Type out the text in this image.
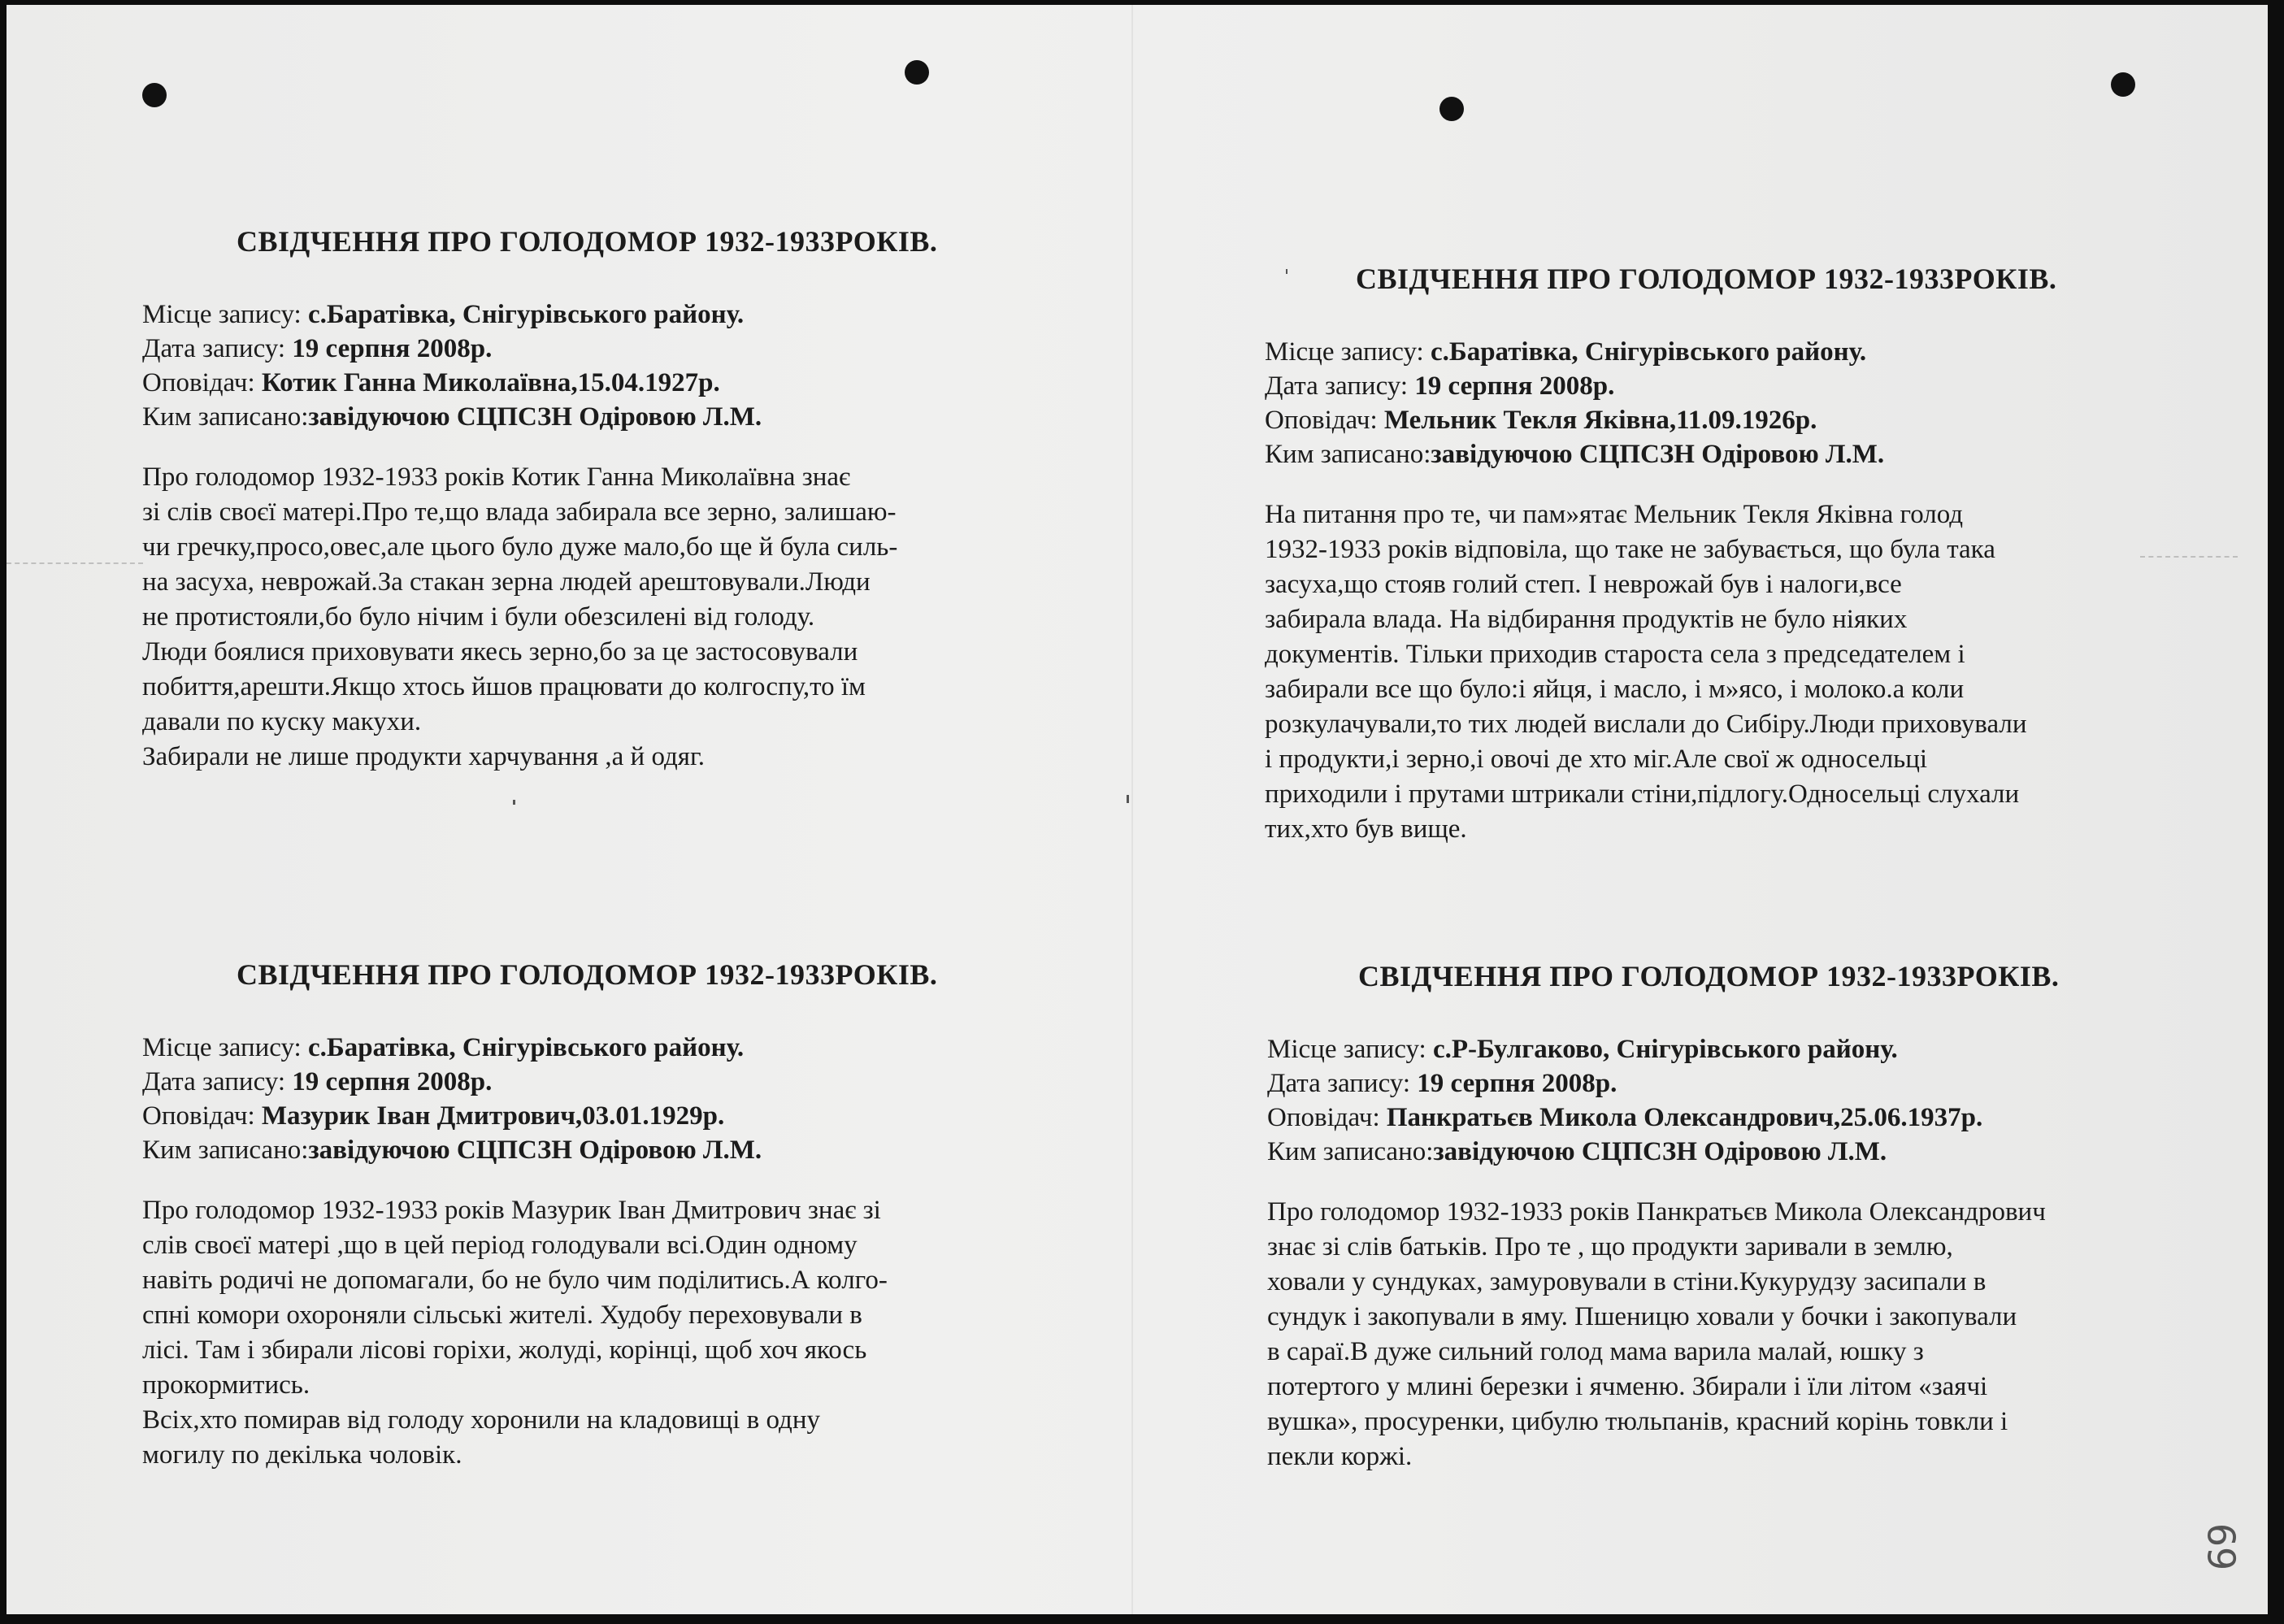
СВІДЧЕННЯ ПРО ГОЛОДОМОР 1932-1933РОКІВ.
Місце запису: с.Баратівка, Снігурівського району.
Дата запису: 19 серпня 2008р.
Оповідач: Котик Ганна Миколаївна,15.04.1927р.
Ким записано:завідуючою СЦПСЗН Одіровою Л.М.

Про голодомор 1932-1933 років Котик Ганна Миколаївна знає
зі слів своєї матері.Про те,що влада забирала все зерно, залишаю-
чи гречку,просо,овес,але цього було дуже мало,бо ще й була силь-
на засуха, неврожай.За стакан зерна людей арештовували.Люди
не протистояли,бо було нічим і були обезсилені від голоду.
Люди боялися приховувати якесь зерно,бо за це застосовували
побиття,арешти.Якщо хтось йшов працювати до колгоспу,то їм
давали по куску макухи.
Забирали не лише продукти харчування ,а й одяг.

СВІДЧЕННЯ ПРО ГОЛОДОМОР 1932-1933РОКІВ.
Місце запису: с.Баратівка, Снігурівського району.
Дата запису: 19 серпня 2008р.
Оповідач: Мельник Текля Яківна,11.09.1926р.
Ким записано:завідуючою СЦПСЗН Одіровою Л.М.

На питання про те, чи пам»ятає Мельник Текля Яківна голод
1932-1933 років відповіла, що таке не забувається, що була така
засуха,що стояв голий степ. І неврожай був і налоги,все
забирала влада. На відбирання продуктів не було ніяких
документів. Тільки приходив староста села з председателем і
забирали все що було:і яйця, і масло, і м»ясо, і молоко.а коли
розкулачували,то тих людей вислали до Сибіру.Люди приховували
і продукти,і зерно,і овочі де хто міг.Але свої ж односельці
приходили і прутами штрикали стіни,підлогу.Односельці слухали
тих,хто був вище.

СВІДЧЕННЯ ПРО ГОЛОДОМОР 1932-1933РОКІВ.
Місце запису: с.Баратівка, Снігурівського району.
Дата запису: 19 серпня 2008р.
Оповідач: Мазурик Іван Дмитрович,03.01.1929р.
Ким записано:завідуючою СЦПСЗН Одіровою Л.М.

Про голодомор 1932-1933 років Мазурик Іван Дмитрович знає зі
слів своєї матері ,що в цей період голодували всі.Один одному
навіть родичі не допомагали, бо не було чим поділитись.А колго-
спні комори охороняли сільські жителі. Худобу переховували в
лісі. Там і збирали лісові горіхи, жолуді, корінці, щоб хоч якось
прокормитись.
Всіх,хто помирав від голоду хоронили на кладовищі в одну
могилу по декілька чоловік.

СВІДЧЕННЯ ПРО ГОЛОДОМОР 1932-1933РОКІВ.
Місце запису: с.Р-Булгаково, Снігурівського району.
Дата запису: 19 серпня 2008р.
Оповідач: Панкратьєв Микола Олександрович,25.06.1937р.
Ким записано:завідуючою СЦПСЗН Одіровою Л.М.

Про голодомор 1932-1933 років Панкратьєв Микола Олександрович
знає зі слів батьків. Про те , що продукти заривали в землю,
ховали у сундуках, замуровували в стіни.Кукурудзу засипали в
сундук і закопували в яму. Пшеницю ховали у бочки і закопували
в сараї.В дуже сильний голод мама варила малай, юшку з
потертого у млині березки і ячменю. Збирали і їли літом «заячі
вушка», просуренки, цибулю тюльпанів, красний корінь товкли і
пекли коржі.

69
